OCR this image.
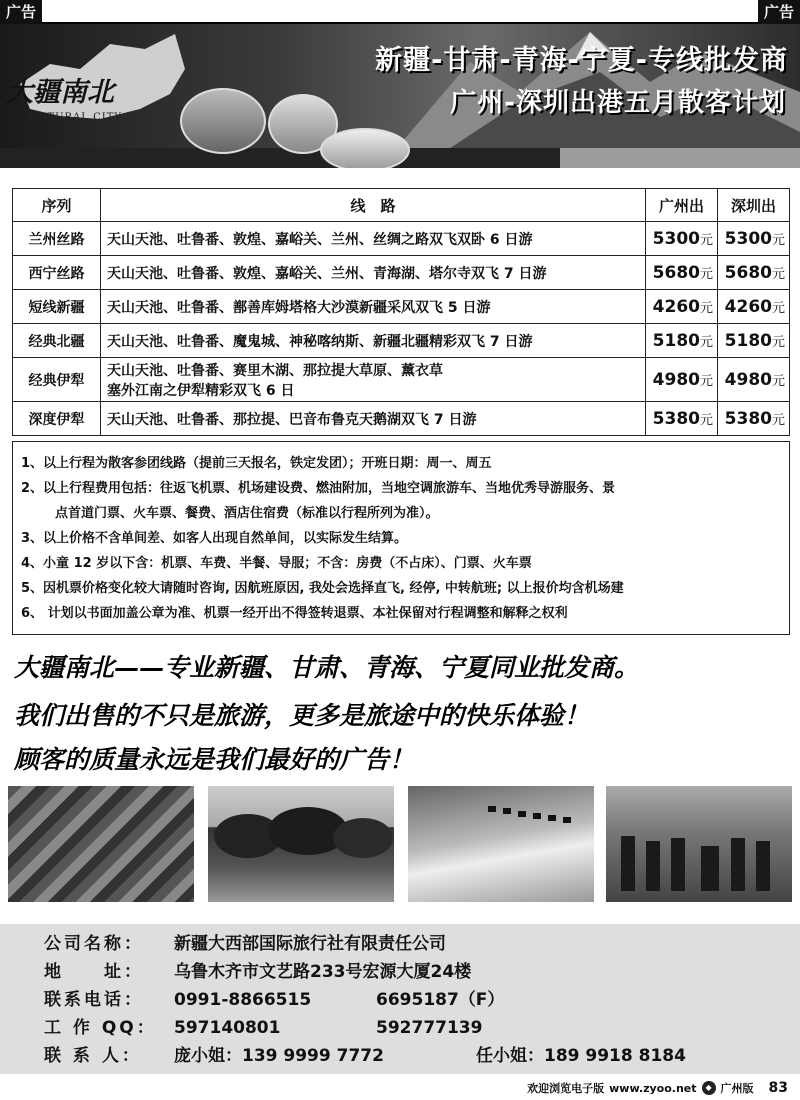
广告	广告
大疆南北
NATURAL CITY
新疆-甘肃-青海-宁夏-专线批发商
广州-深圳出港五月散客计划
序列	线　路	广州出	深圳出
兰州丝路	天山天池、吐鲁番、敦煌、嘉峪关、兰州、丝绸之路双飞双卧 6 日游	5300元	5300元
西宁丝路	天山天池、吐鲁番、敦煌、嘉峪关、兰州、青海湖、塔尔寺双飞 7 日游	5680元	5680元
短线新疆	天山天池、吐鲁番、鄯善库姆塔格大沙漠新疆采风双飞 5 日游	4260元	4260元
经典北疆	天山天池、吐鲁番、魔鬼城、神秘喀纳斯、新疆北疆精彩双飞 7 日游	5180元	5180元
经典伊犁	天山天池、吐鲁番、赛里木湖、那拉提大草原、薰衣草
塞外江南之伊犁精彩双飞 6 日	4980元	4980元
深度伊犁	天山天池、吐鲁番、那拉提、巴音布鲁克天鹅湖双飞 7 日游	5380元	5380元
1、以上行程为散客参团线路（提前三天报名，铁定发团）；开班日期：周一、周五
2、以上行程费用包括：往返飞机票、机场建设费、燃油附加，当地空调旅游车、当地优秀导游服务、景
点首道门票、火车票、餐费、酒店住宿费（标准以行程所列为准）。
3、以上价格不含单间差、如客人出现自然单间，以实际发生结算。
4、小童 12 岁以下含：机票、车费、半餐、导服；不含：房费（不占床）、门票、火车票
5、因机票价格变化较大请随时咨询, 因航班原因, 我处会选择直飞, 经停, 中转航班; 以上报价均含机场建
6、 计划以书面加盖公章为准、机票一经开出不得签转退票、本社保留对行程调整和解释之权利
大疆南北——专业新疆、甘肃、青海、宁夏同业批发商。
我们出售的不只是旅游，更多是旅途中的快乐体验！
顾客的质量永远是我们最好的广告！
公司名称： 新疆大西部国际旅行社有限责任公司
地　　址： 乌鲁木齐市文艺路233号宏源大厦24楼
联系电话： 0991-8866515	6695187（F）
工 作 QQ： 597140801	592777139
联 系 人： 庞小姐：139 9999 7772	任小姐：189 9918 8184
欢迎浏览电子版 www.zyoo.net	◆ 广州版 83
